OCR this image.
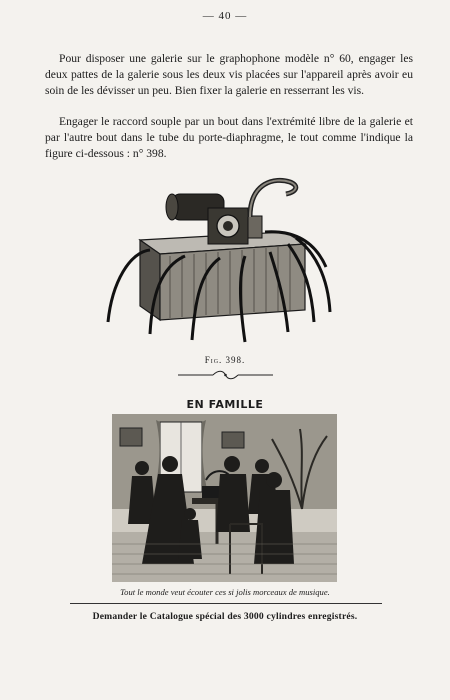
— 40 —

Pour disposer une galerie sur le graphophone modèle n° 60, engager les deux pattes de la galerie sous les deux vis placées sur l'appareil après avoir eu soin de les dévisser un peu. Bien fixer la galerie en resserrant les vis.

Engager le raccord souple par un bout dans l'extrémité libre de la galerie et par l'autre bout dans le tube du porte-diaphragme, le tout comme l'indique la figure ci-dessous : n° 398.

Fig. 398.
EN FAMILLE
Tout le monde veut écouter ces si jolis morceaux de musique.
Demander le Catalogue spécial des 3000 cylindres enregistrés.
